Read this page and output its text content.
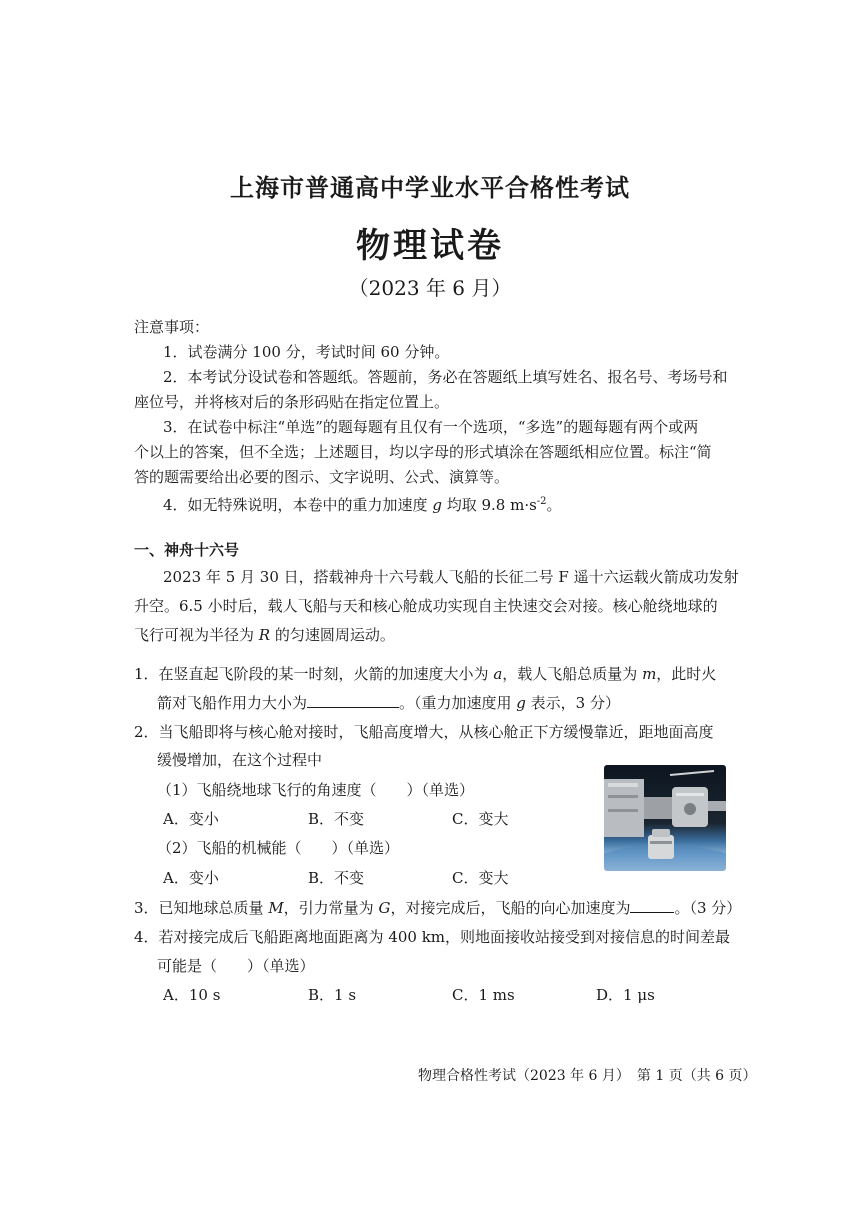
上海市普通高中学业水平合格性考试
物理试卷
（2023 年 6 月）
注意事项：
1．试卷满分 100 分，考试时间 60 分钟。
2．本考试分设试卷和答题纸。答题前，务必在答题纸上填写姓名、报名号、考场号和
座位号，并将核对后的条形码贴在指定位置上。
3．在试卷中标注“单选”的题每题有且仅有一个选项，“多选”的题每题有两个或两
个以上的答案，但不全选；上述题目，均以字母的形式填涂在答题纸相应位置。标注“简
答的题需要给出必要的图示、文字说明、公式、演算等。
4．如无特殊说明，本卷中的重力加速度 g 均取 9.8 $m\cdot s^{-2}$。
一、神舟十六号
2023 年 5 月 30 日，搭载神舟十六号载人飞船的长征二号 F 遥十六运载火箭成功发射
升空。6.5 小时后，载人飞船与天和核心舱成功实现自主快速交会对接。核心舱绕地球的
飞行可视为半径为 R 的匀速圆周运动。
1．在竖直起飞阶段的某一时刻，火箭的加速度大小为 a，载人飞船总质量为 m，此时火
箭对飞船作用力大小为	。（重力加速度用 g 表示，3 分）
2．当飞船即将与核心舱对接时，飞船高度增大，从核心舱正下方缓慢靠近，距地面高度
缓慢增加，在这个过程中
（1）飞船绕地球飞行的角速度（　　）（单选）
A．变小	B．不变	C．变大
（2）飞船的机械能（　　）（单选）
A．变小	B．不变	C．变大
3．已知地球总质量 M，引力常量为 G，对接完成后，飞船的向心加速度为	。（3 分）
4．若对接完成后飞船距离地面距离为 400 km，则地面接收站接受到对接信息的时间差最
可能是（　　）（单选）
A．10 s	B．1 s	C．1 ms	D．1 μs
物理合格性考试（2023 年 6 月）　第 1 页（共 6 页）
